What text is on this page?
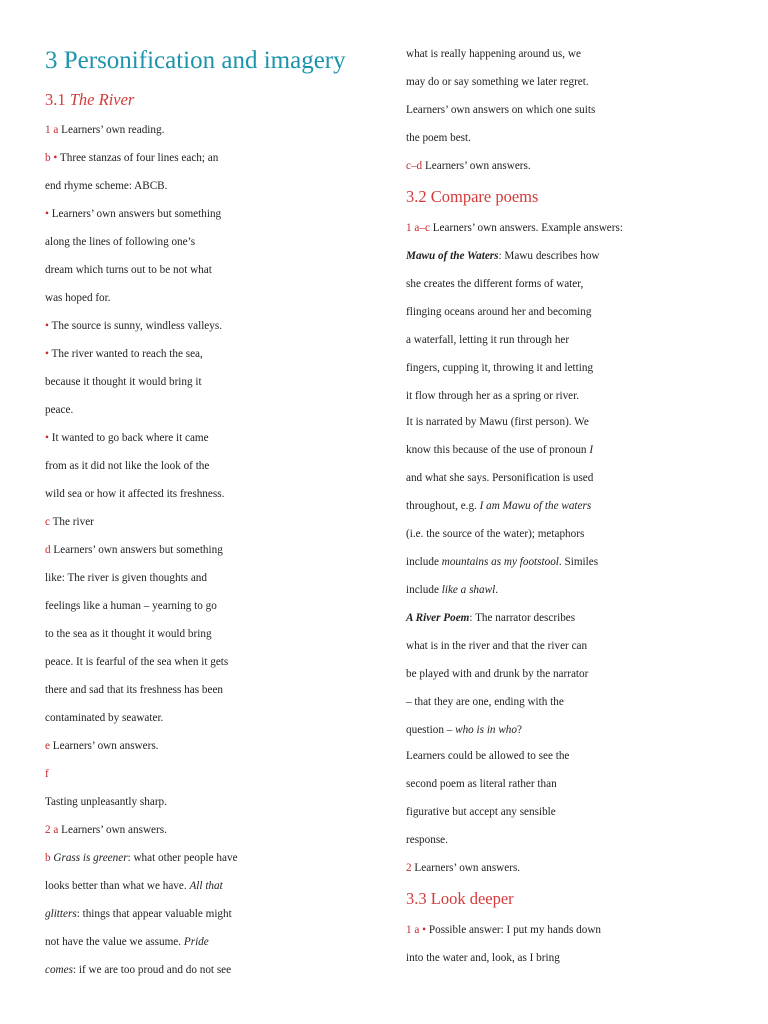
3 Personification and imagery
3.1 The River
1 a Learners’ own reading.
b • Three stanzas of four lines each; an
end rhyme scheme: ABCB.
• Learners’ own answers but something
along the lines of following one’s
dream which turns out to be not what
was hoped for.
• The source is sunny, windless valleys.
• The river wanted to reach the sea,
because it thought it would bring it
peace.
• It wanted to go back where it came
from as it did not like the look of the
wild sea or how it affected its freshness.
c The river
d Learners’ own answers but something
like: The river is given thoughts and
feelings like a human – yearning to go
to the sea as it thought it would bring
peace. It is fearful of the sea when it gets
there and sad that its freshness has been
contaminated by seawater.
e Learners’ own answers.
f
Tasting unpleasantly sharp.
2 a Learners’ own answers.
b Grass is greener: what other people have
looks better than what we have. All that
glitters: things that appear valuable might
not have the value we assume. Pride
comes: if we are too proud and do not see
what is really happening around us, we
may do or say something we later regret.
Learners’ own answers on which one suits
the poem best.
c–d Learners’ own answers.
3.2 Compare poems
1 a–c Learners’ own answers. Example answers:
Mawu of the Waters: Mawu describes how
she creates the different forms of water,
flinging oceans around her and becoming
a waterfall, letting it run through her
fingers, cupping it, throwing it and letting
it flow through her as a spring or river.
It is narrated by Mawu (first person). We
know this because of the use of pronoun I
and what she says. Personification is used
throughout, e.g. I am Mawu of the waters
(i.e. the source of the water); metaphors
include mountains as my footstool. Similes
include like a shawl.
A River Poem: The narrator describes
what is in the river and that the river can
be played with and drunk by the narrator
– that they are one, ending with the
question – who is in who?
Learners could be allowed to see the
second poem as literal rather than
figurative but accept any sensible
response.
2 Learners’ own answers.
3.3 Look deeper
1 a • Possible answer: I put my hands down
into the water and, look, as I bring
